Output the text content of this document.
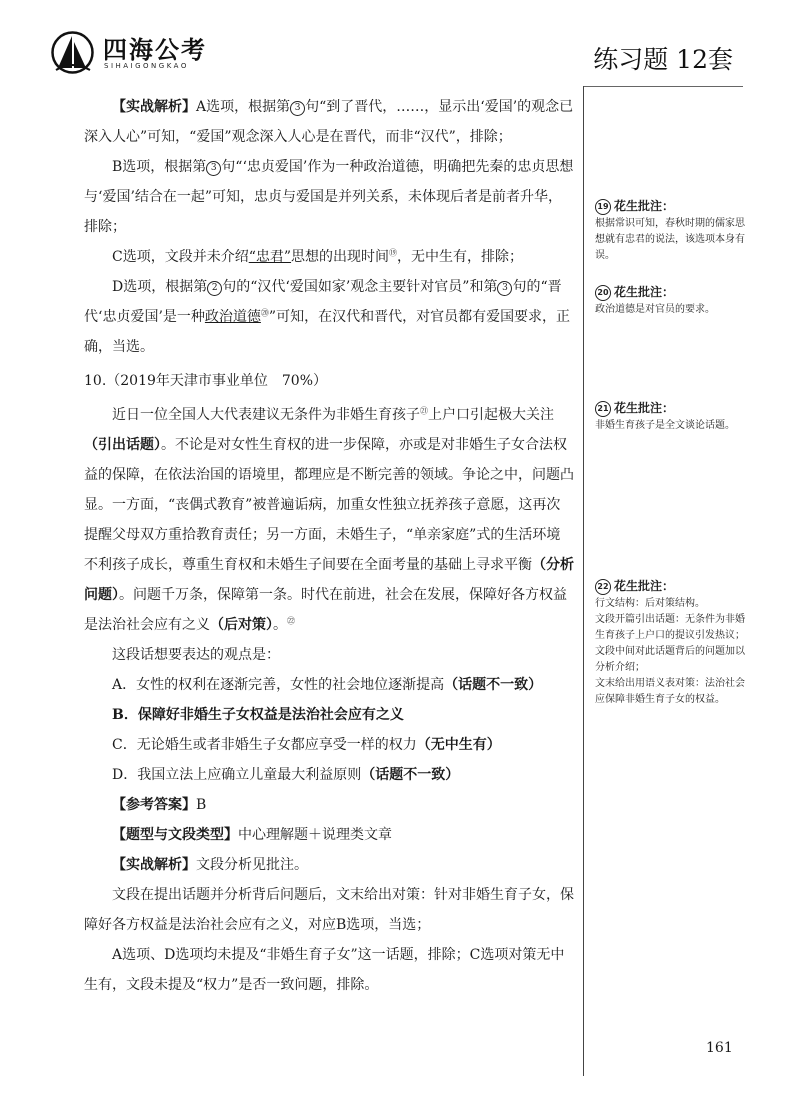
四海公考
SIHAIGONGKAO	练习题 12套

【实战解析】A选项，根据第 3 句“到了晋代，……，显示出‘爱国’的观念已深入人心”可知，“爱国”观念深入人心是在晋代，而非“汉代”，排除；

B选项，根据第 3 句“‘忠贞爱国’作为一种政治道德，明确把先秦的忠贞思想与‘爱国’结合在一起”可知，忠贞与爱国是并列关系，未体现后者是前者升华，排除；

C选项，文段并未介绍“忠君”思想的出现时间⑲，无中生有，排除；

D选项，根据第 2 句的“汉代‘爱国如家’观念主要针对官员”和第 3 句的“晋代‘忠贞爱国’是一种政治道德⑳”可知，在汉代和晋代，对官员都有爱国要求，正确，当选。

10.（2019年天津市事业单位　70%）

近日一位全国人大代表建议无条件为非婚生育孩子$^㉑$上户口引起极大关注（引出话题）。不论是对女性生育权的进一步保障，亦或是对非婚生子女合法权益的保障，在依法治国的语境里，都理应是不断完善的领域。争论之中，问题凸显。一方面，“丧偶式教育”被普遍诟病，加重女性独立抚养孩子意愿，这再次提醒父母双方重拾教育责任；另一方面，未婚生子，“单亲家庭”式的生活环境不利孩子成长，尊重生育权和未婚生子间要在全面考量的基础上寻求平衡（分析问题）。问题千万条，保障第一条。时代在前进，社会在发展，保障好各方权益是法治社会应有之义（后对策）。$^㉒$

这段话想要表达的观点是：

A．女性的权利在逐渐完善，女性的社会地位逐渐提高（话题不一致）

B．保障好非婚生子女权益是法治社会应有之义

C．无论婚生或者非婚生子女都应享受一样的权力（无中生有）

D．我国立法上应确立儿童最大利益原则（话题不一致）

【参考答案】B

【题型与文段类型】中心理解题＋说理类文章

【实战解析】文段分析见批注。

文段在提出话题并分析背后问题后，文末给出对策：针对非婚生育子女，保障好各方权益是法治社会应有之义，对应B选项，当选；

A选项、D选项均未提及“非婚生育子女”这一话题，排除；C选项对策无中生有，文段未提及“权力”是否一致问题，排除。

19 花生批注：
根据常识可知，春秋时期的儒家思想就有忠君的说法，该选项本身有误。
20 花生批注：
政治道德是对官员的要求。
21 花生批注：
非婚生育孩子是全文谈论话题。
22 花生批注：
行文结构：后对策结构。
文段开篇引出话题：无条件为非婚生育孩子上户口的提议引发热议；
文段中间对此话题背后的问题加以分析介绍；
文末给出用语义表对策：法治社会应保障非婚生育子女的权益。
161
